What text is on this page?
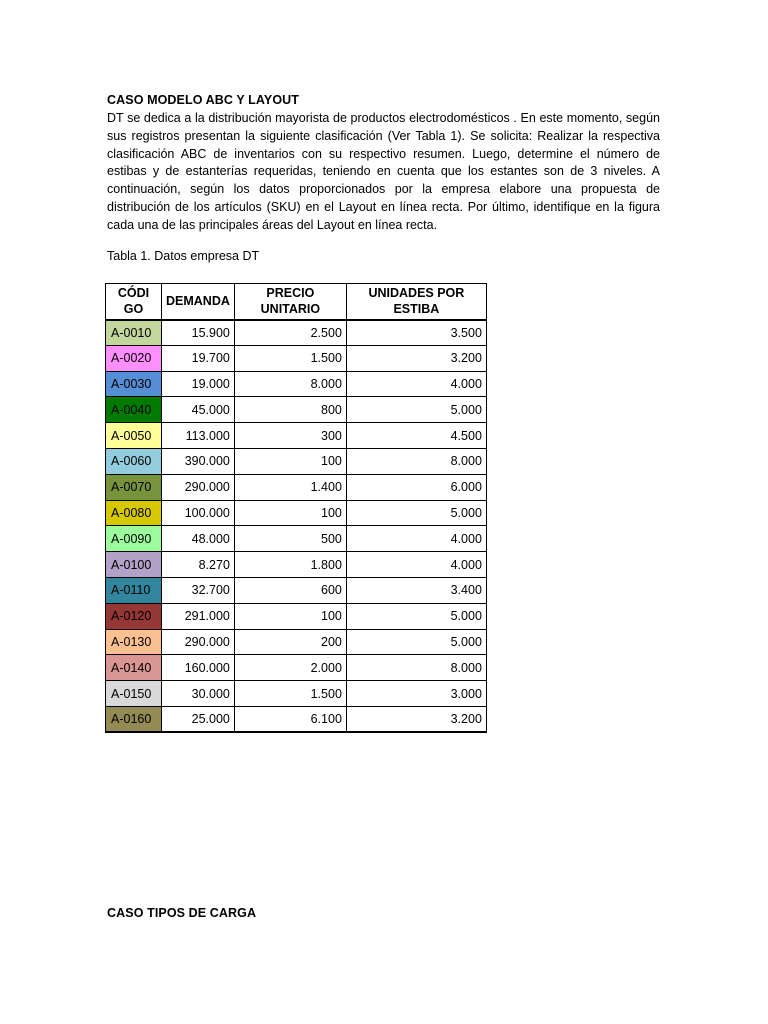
CASO MODELO ABC Y LAYOUT
DT se dedica a la distribución mayorista de productos electrodomésticos . En este momento, según sus registros presentan la siguiente clasificación (Ver Tabla 1). Se solicita: Realizar la respectiva clasificación ABC de inventarios con su respectivo resumen. Luego, determine el número de estibas y de estanterías requeridas, teniendo en cuenta que los estantes son de 3 niveles. A continuación, según los datos proporcionados por la empresa elabore una propuesta de distribución de los artículos (SKU) en el Layout en línea recta. Por último, identifique en la figura cada una de las principales áreas del Layout en línea recta.
Tabla 1. Datos empresa DT
CÓDIGO	DEMANDA	PRECIO UNITARIO	UNIDADES POR ESTIBA
A-0010	15.900	2.500	3.500
A-0020	19.700	1.500	3.200
A-0030	19.000	8.000	4.000
A-0040	45.000	800	5.000
A-0050	113.000	300	4.500
A-0060	390.000	100	8.000
A-0070	290.000	1.400	6.000
A-0080	100.000	100	5.000
A-0090	48.000	500	4.000
A-0100	8.270	1.800	4.000
A-0110	32.700	600	3.400
A-0120	291.000	100	5.000
A-0130	290.000	200	5.000
A-0140	160.000	2.000	8.000
A-0150	30.000	1.500	3.000
A-0160	25.000	6.100	3.200
CASO TIPOS DE CARGA
